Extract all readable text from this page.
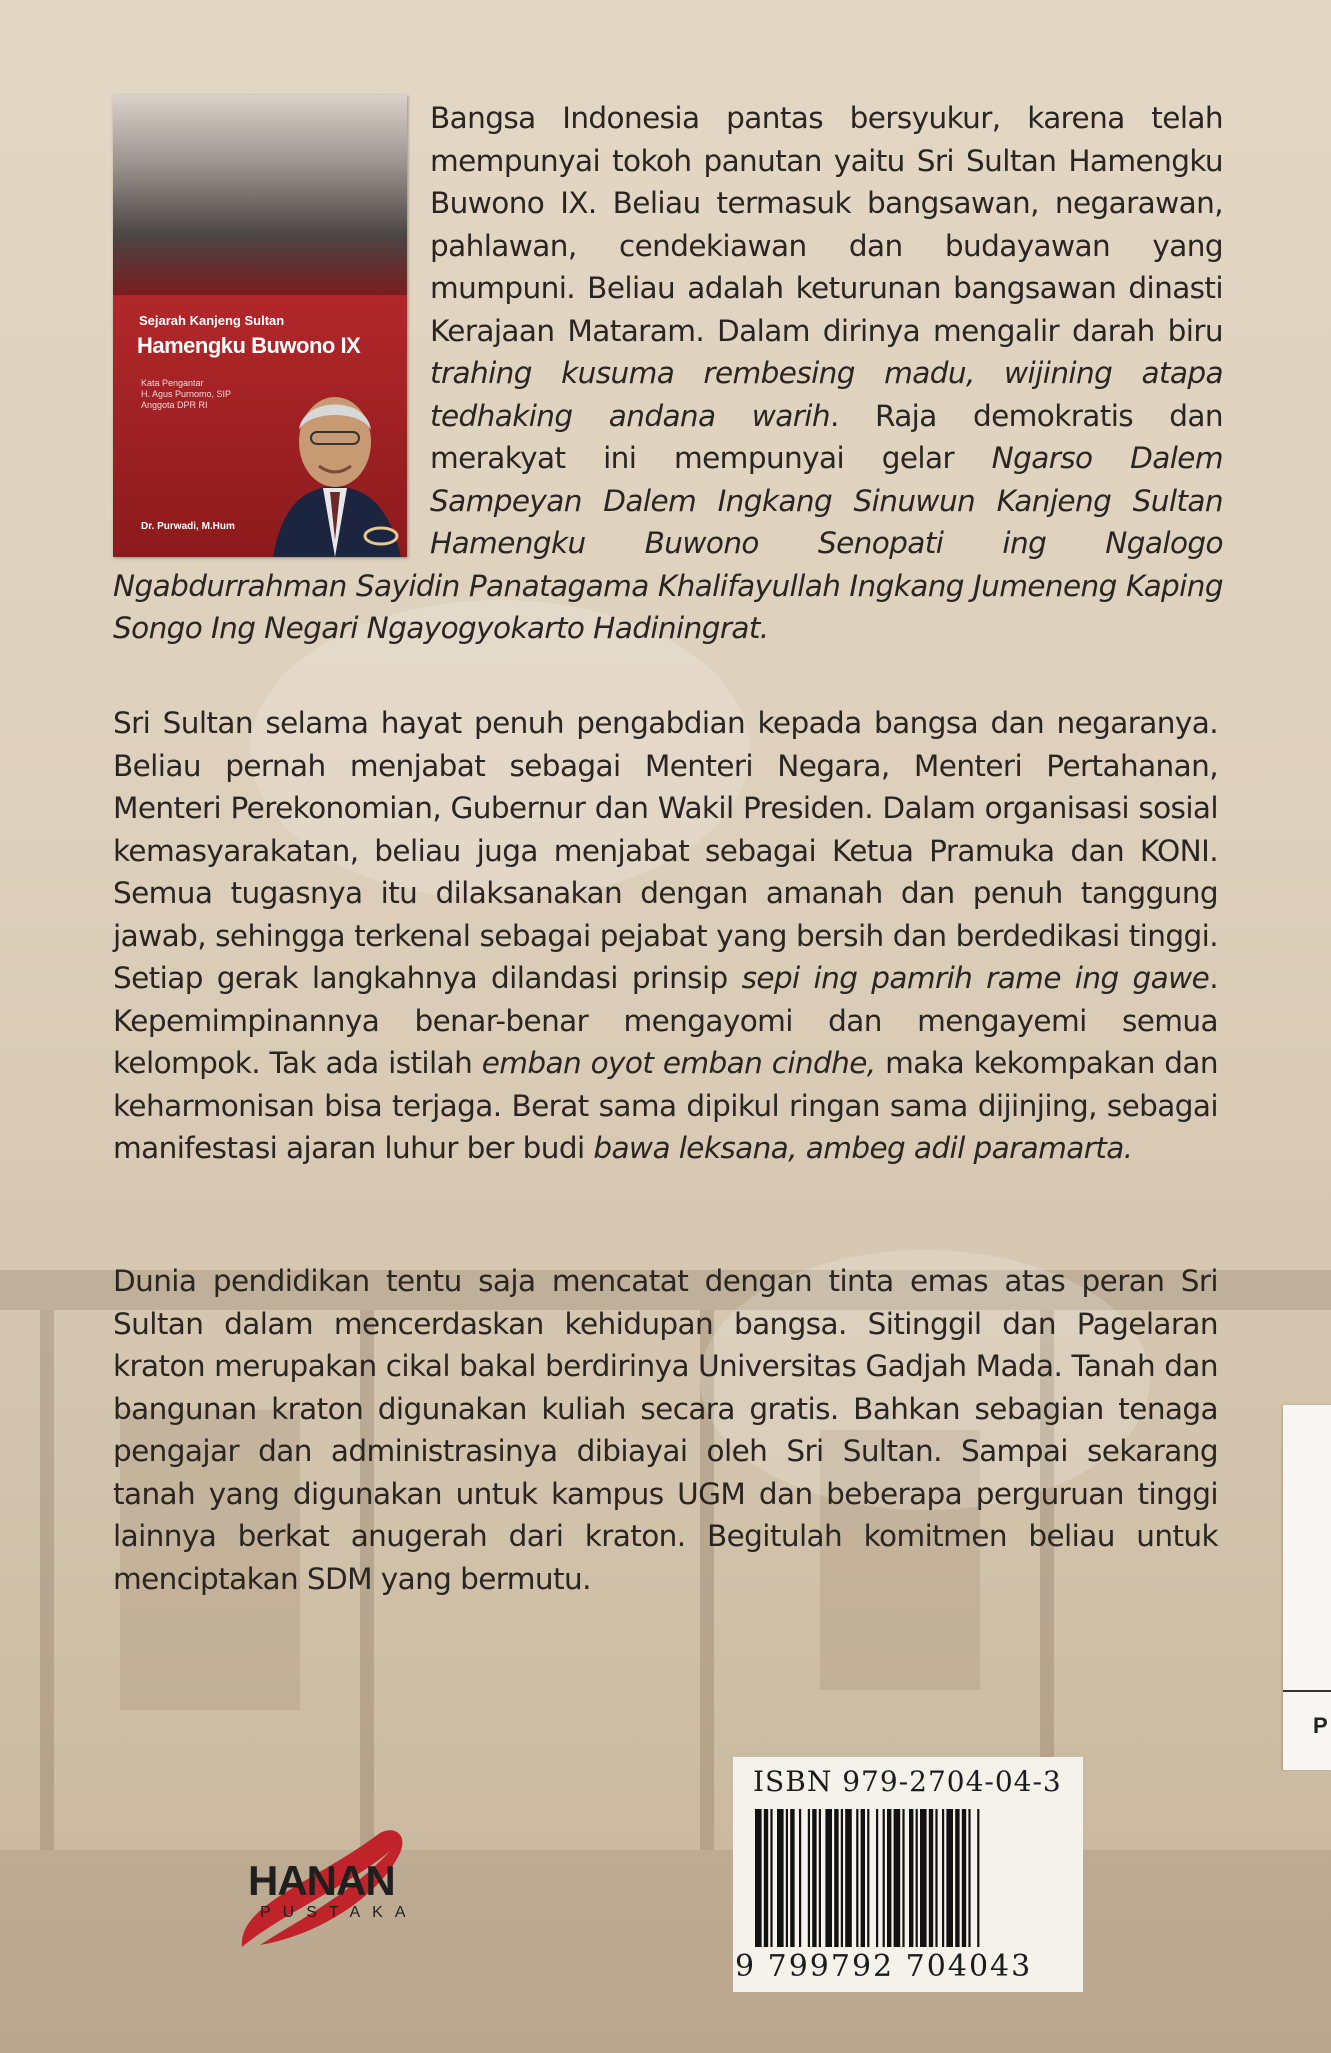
Sejarah Kanjeng Sultan
Hamengku Buwono IX
Kata Pengantar
H. Agus Purnomo, SIP
Anggota DPR RI
Dr. Purwadi, M.Hum

Bangsa Indonesia pantas bersyukur, karena telah mempunyai tokoh panutan yaitu Sri Sultan Hamengku Buwono IX. Beliau termasuk bangsawan, negarawan, pahlawan, cendekiawan dan budayawan yang mumpuni. Beliau adalah keturunan bangsawan dinasti Kerajaan Mataram. Dalam dirinya mengalir darah biru trahing kusuma rembesing madu, wijining atapa tedhaking andana warih. Raja demokratis dan merakyat ini mempunyai gelar Ngarso Dalem Sampeyan Dalem Ingkang Sinuwun Kanjeng Sultan Hamengku Buwono Senopati ing Ngalogo Ngabdurrahman Sayidin Panatagama Khalifayullah Ingkang Jumeneng Kaping Songo Ing Negari Ngayogyokarto Hadiningrat.

Sri Sultan selama hayat penuh pengabdian kepada bangsa dan negaranya. Beliau pernah menjabat sebagai Menteri Negara, Menteri Pertahanan, Menteri Perekonomian, Gubernur dan Wakil Presiden. Dalam organisasi sosial kemasyarakatan, beliau juga menjabat sebagai Ketua Pramuka dan KONI. Semua tugasnya itu dilaksanakan dengan amanah dan penuh tanggung jawab, sehingga terkenal sebagai pejabat yang bersih dan berdedikasi tinggi. Setiap gerak langkahnya dilandasi prinsip sepi ing pamrih rame ing gawe. Kepemimpinannya benar-benar mengayomi dan mengayemi semua kelompok. Tak ada istilah emban oyot emban cindhe, maka kekompakan dan keharmonisan bisa terjaga. Berat sama dipikul ringan sama dijinjing, sebagai manifestasi ajaran luhur ber budi bawa leksana, ambeg adil paramarta.

Dunia pendidikan tentu saja mencatat dengan tinta emas atas peran Sri Sultan dalam mencerdaskan kehidupan bangsa. Sitinggil dan Pagelaran kraton merupakan cikal bakal berdirinya Universitas Gadjah Mada. Tanah dan bangunan kraton digunakan kuliah secara gratis. Bahkan sebagian tenaga pengajar dan administrasinya dibiayai oleh Sri Sultan. Sampai sekarang tanah yang digunakan untuk kampus UGM dan beberapa perguruan tinggi lainnya berkat anugerah dari kraton. Begitulah komitmen beliau untuk menciptakan SDM yang bermutu.

HANAN
PUSTAKA
ISBN 979-2704-04-3
9 799792 704043
P
